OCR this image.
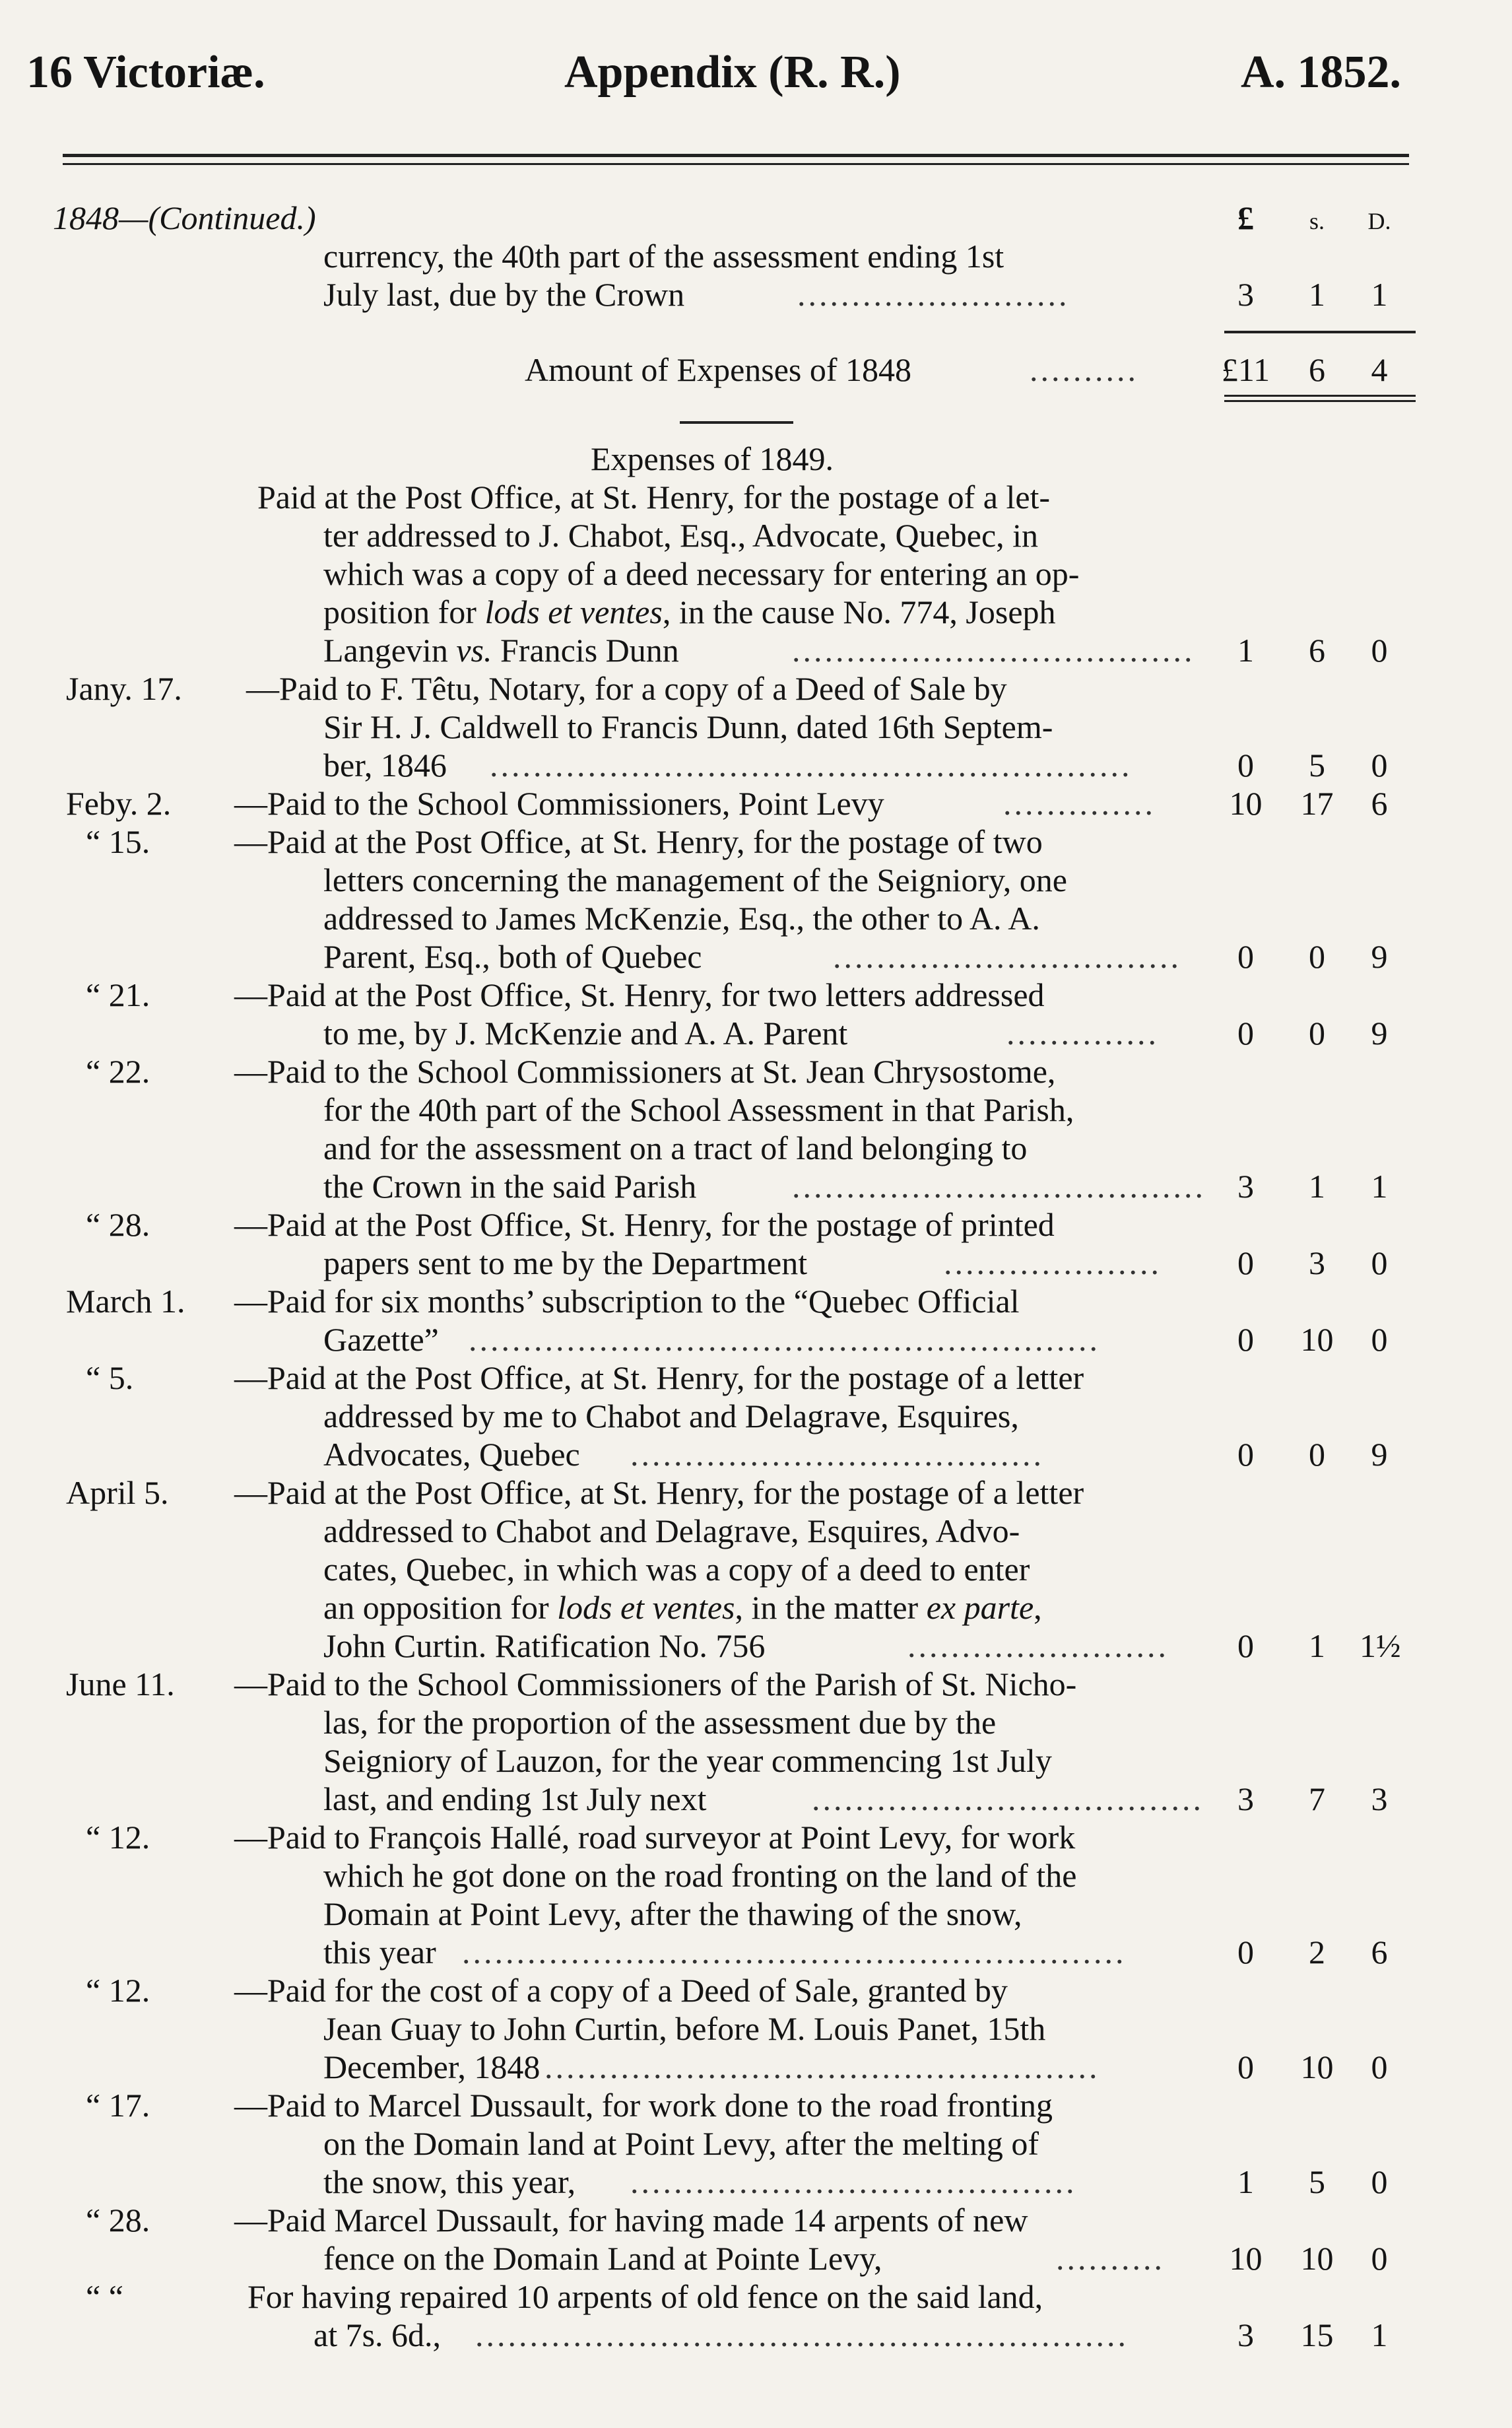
16 Victoriæ.	Appendix (R. R.)	A. 1852.
1848—(Continued.)	£	s.	D.
currency, the 40th part of the assessment ending 1st
July last, due by the Crown	.........................	3	1	1
Amount of Expenses of 1848	..........	£11	6	4
Expenses of 1849.
Paid at the Post Office, at St. Henry, for the postage of a let-
ter addressed to J. Chabot, Esq., Advocate, Quebec, in
which was a copy of a deed necessary for entering an op-
position for lods et ventes, in the cause No. 774, Joseph
Langevin vs. Francis Dunn	.....................................	1	6	0
Jany. 17. —Paid to F. Têtu, Notary, for a copy of a Deed of Sale by
Sir H. J. Caldwell to Francis Dunn, dated 16th Septem-
ber, 1846 ...........................................................	0	5	0
Feby. 2. —Paid to the School Commissioners, Point Levy	.............. 10 17	6
“ 15.	—Paid at the Post Office, at St. Henry, for the postage of two
letters concerning the management of the Seigniory, one
addressed to James McKenzie, Esq., the other to A. A.
Parent, Esq., both of Quebec	................................	0	0	9
“ 21.	—Paid at the Post Office, St. Henry, for two letters addressed
to me, by J. McKenzie and A. A. Parent	..............	0	0	9
“ 22.	—Paid to the School Commissioners at St. Jean Chrysostome,
for the 40th part of the School Assessment in that Parish,
and for the assessment on a tract of land belonging to
the Crown in the said Parish	...................................... 3	1	1
“ 28.	—Paid at the Post Office, St. Henry, for the postage of printed
papers sent to me by the Department	....................	0	3	0
March 1. —Paid for six months’ subscription to the “Quebec Official
Gazette” ..........................................................	0	10	0
“ 5.	—Paid at the Post Office, at St. Henry, for the postage of a letter
addressed by me to Chabot and Delagrave, Esquires,
Advocates, Quebec ......................................	0	0	9
April 5. —Paid at the Post Office, at St. Henry, for the postage of a letter
addressed to Chabot and Delagrave, Esquires, Advo-
cates, Quebec, in which was a copy of a deed to enter
an opposition for lods et ventes, in the matter ex parte,
John Curtin. Ratification No. 756	........................	0	1	1½
June 11. —Paid to the School Commissioners of the Parish of St. Nicho-
las, for the proportion of the assessment due by the
Seigniory of Lauzon, for the year commencing 1st July
last, and ending 1st July next	....................................	3	7	3
“ 12.	—Paid to François Hallé, road surveyor at Point Levy, for work
which he got done on the road fronting on the land of the
Domain at Point Levy, after the thawing of the snow,
this year .............................................................	0	2	6
“ 12.	—Paid for the cost of a copy of a Deed of Sale, granted by
Jean Guay to John Curtin, before M. Louis Panet, 15th
December, 1848 ...................................................	0	10	0
“ 17.	—Paid to Marcel Dussault, for work done to the road fronting
on the Domain land at Point Levy, after the melting of
the snow, this year, .........................................	1	5	0
“ 28.	—Paid Marcel Dussault, for having made 14 arpents of new
fence on the Domain Land at Pointe Levy,	.......... 10 10	0
“ “	For having repaired 10 arpents of old fence on the said land,
at 7s. 6d., ............................................................	3	15	1
